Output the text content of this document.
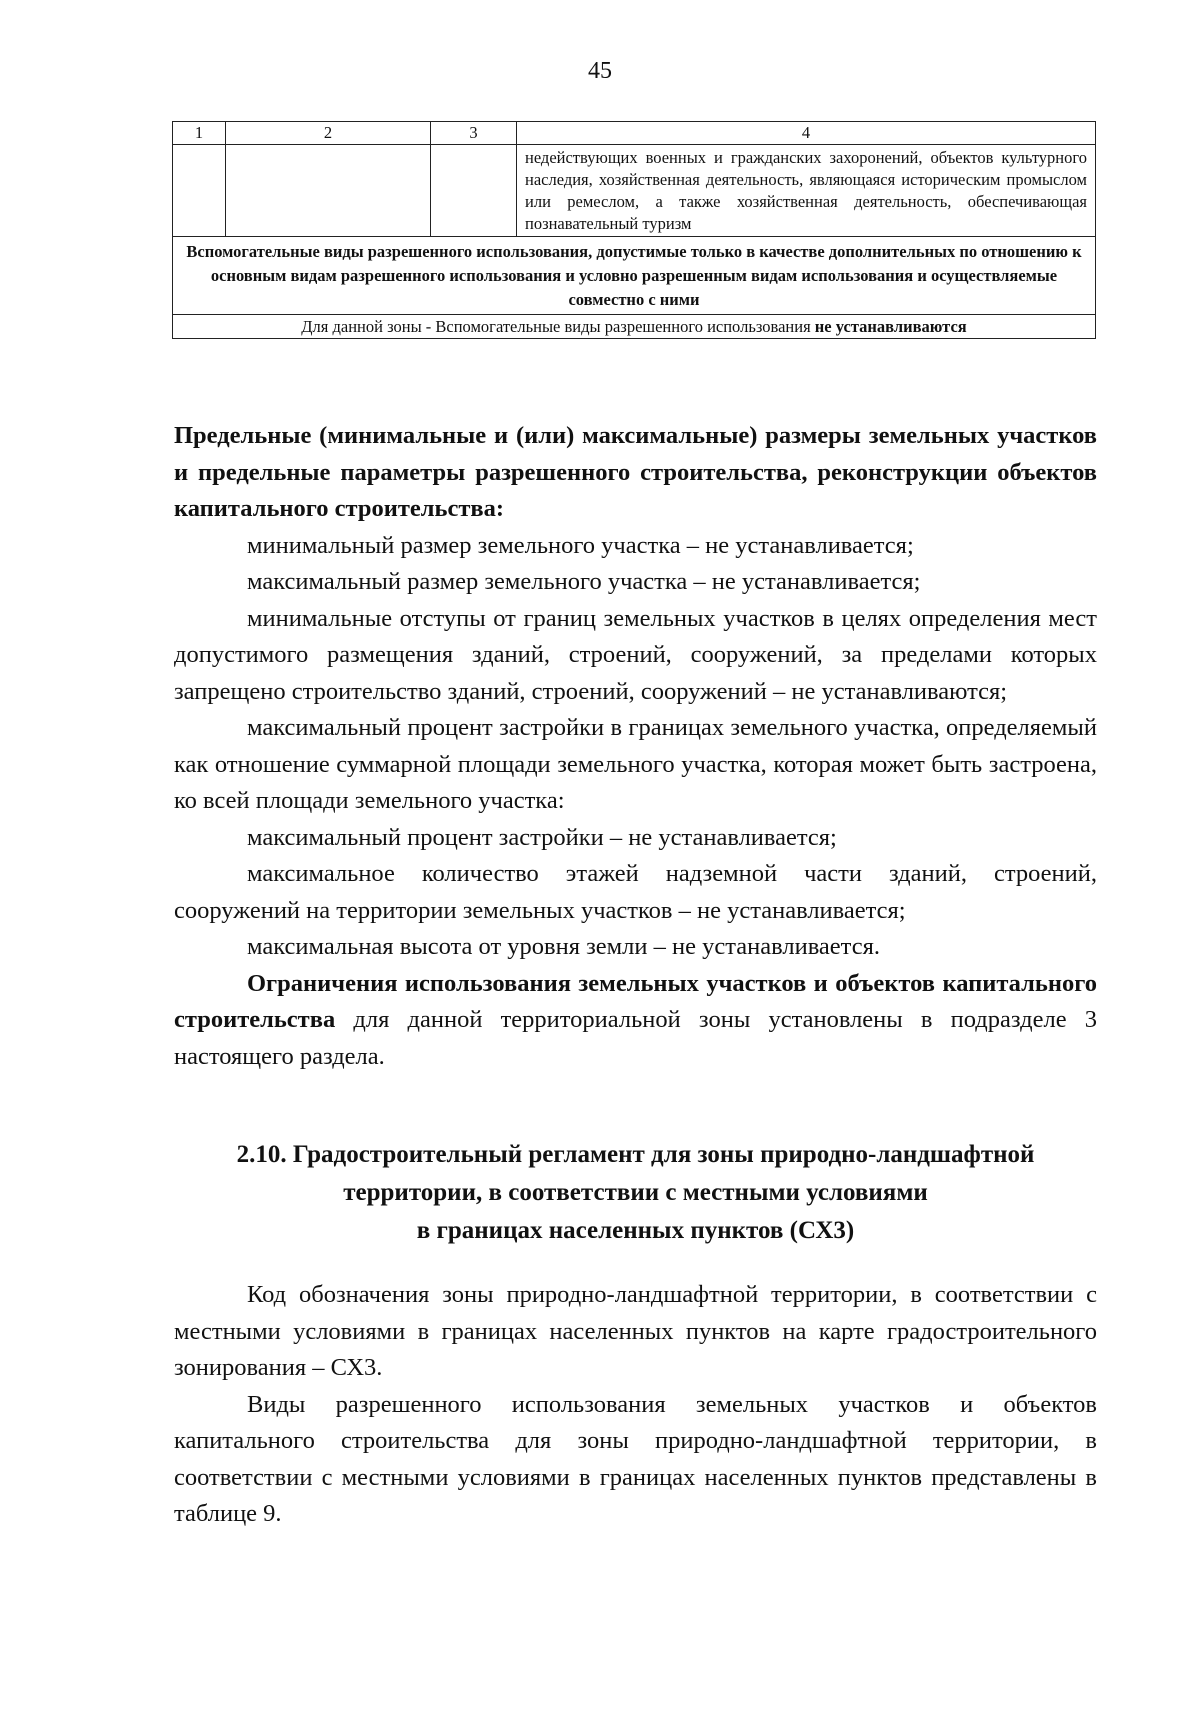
45
1	2	3	4
			недействующих военных и гражданских захоронений, объектов культурного наследия, хозяйственная деятельность, являющаяся историческим промыслом или ремеслом, а также хозяйственная деятельность, обеспечивающая познавательный туризм
Вспомогательные виды разрешенного использования, допустимые только в качестве дополнительных по отношению к основным видам разрешенного использования и условно разрешенным видам использования и осуществляемые совместно с ними			
Для данной зоны - Вспомогательные виды разрешенного использования не устанавливаются			

Предельные (минимальные и (или) максимальные) размеры земельных участков и предельные параметры разрешенного строительства, реконструкции объектов капитального строительства:

минимальный размер земельного участка – не устанавливается;

максимальный размер земельного участка – не устанавливается;

минимальные отступы от границ земельных участков в целях определения мест допустимого размещения зданий, строений, сооружений, за пределами которых запрещено строительство зданий, строений, сооружений – не устанавливаются;

максимальный процент застройки в границах земельного участка, определяемый как отношение суммарной площади земельного участка, которая может быть застроена, ко всей площади земельного участка:

максимальный процент застройки – не устанавливается;

максимальное количество этажей надземной части зданий, строений, сооружений на территории земельных участков – не устанавливается;

максимальная высота от уровня земли – не устанавливается.

Ограничения использования земельных участков и объектов капитального строительства для данной территориальной зоны установлены в подразделе 3 настоящего раздела.

2.10. Градостроительный регламент для зоны природно-ландшафтной
территории, в соответствии с местными условиями
в границах населенных пунктов (СХ3)

Код обозначения зоны природно-ландшафтной территории, в соответствии с местными условиями в границах населенных пунктов на карте градостроительного зонирования – СХ3.

Виды разрешенного использования земельных участков и объектов капитального строительства для зоны природно-ландшафтной территории, в соответствии с местными условиями в границах населенных пунктов представлены в таблице 9.
